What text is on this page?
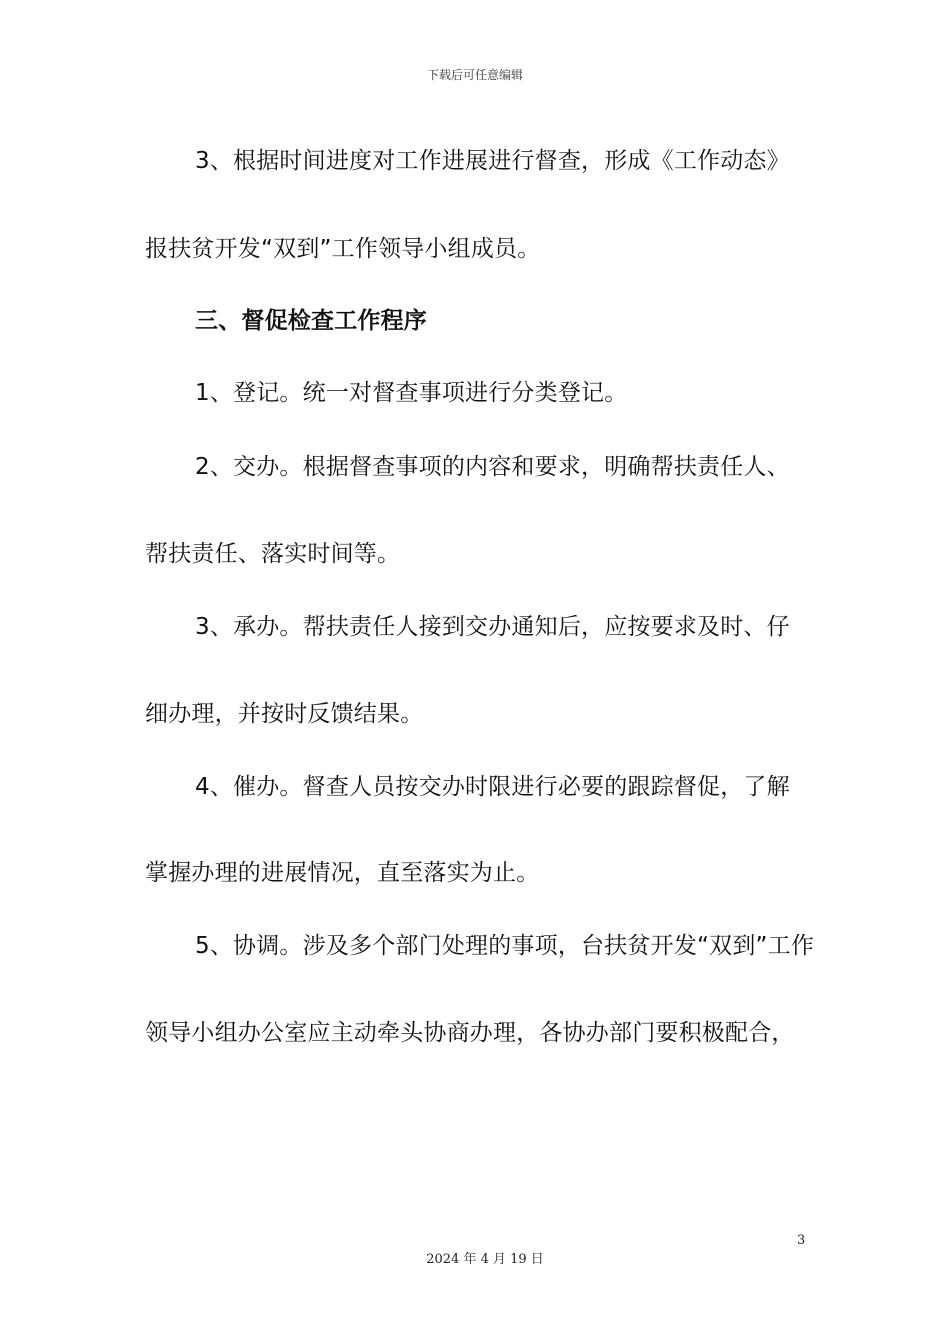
下载后可任意编辑
3、根据时间进度对工作进展进行督查，形成《工作动态》
报扶贫开发“双到”工作领导小组成员。
三、督促检查工作程序
1、登记。统一对督查事项进行分类登记。
2、交办。根据督查事项的内容和要求，明确帮扶责任人、
帮扶责任、落实时间等。
3、承办。帮扶责任人接到交办通知后，应按要求及时、仔
细办理，并按时反馈结果。
4、催办。督查人员按交办时限进行必要的跟踪督促，了解
掌握办理的进展情况，直至落实为止。
5、协调。涉及多个部门处理的事项，台扶贫开发“双到”工作
领导小组办公室应主动牵头协商办理，各协办部门要积极配合，
3
2024 年 4 月 19 日
